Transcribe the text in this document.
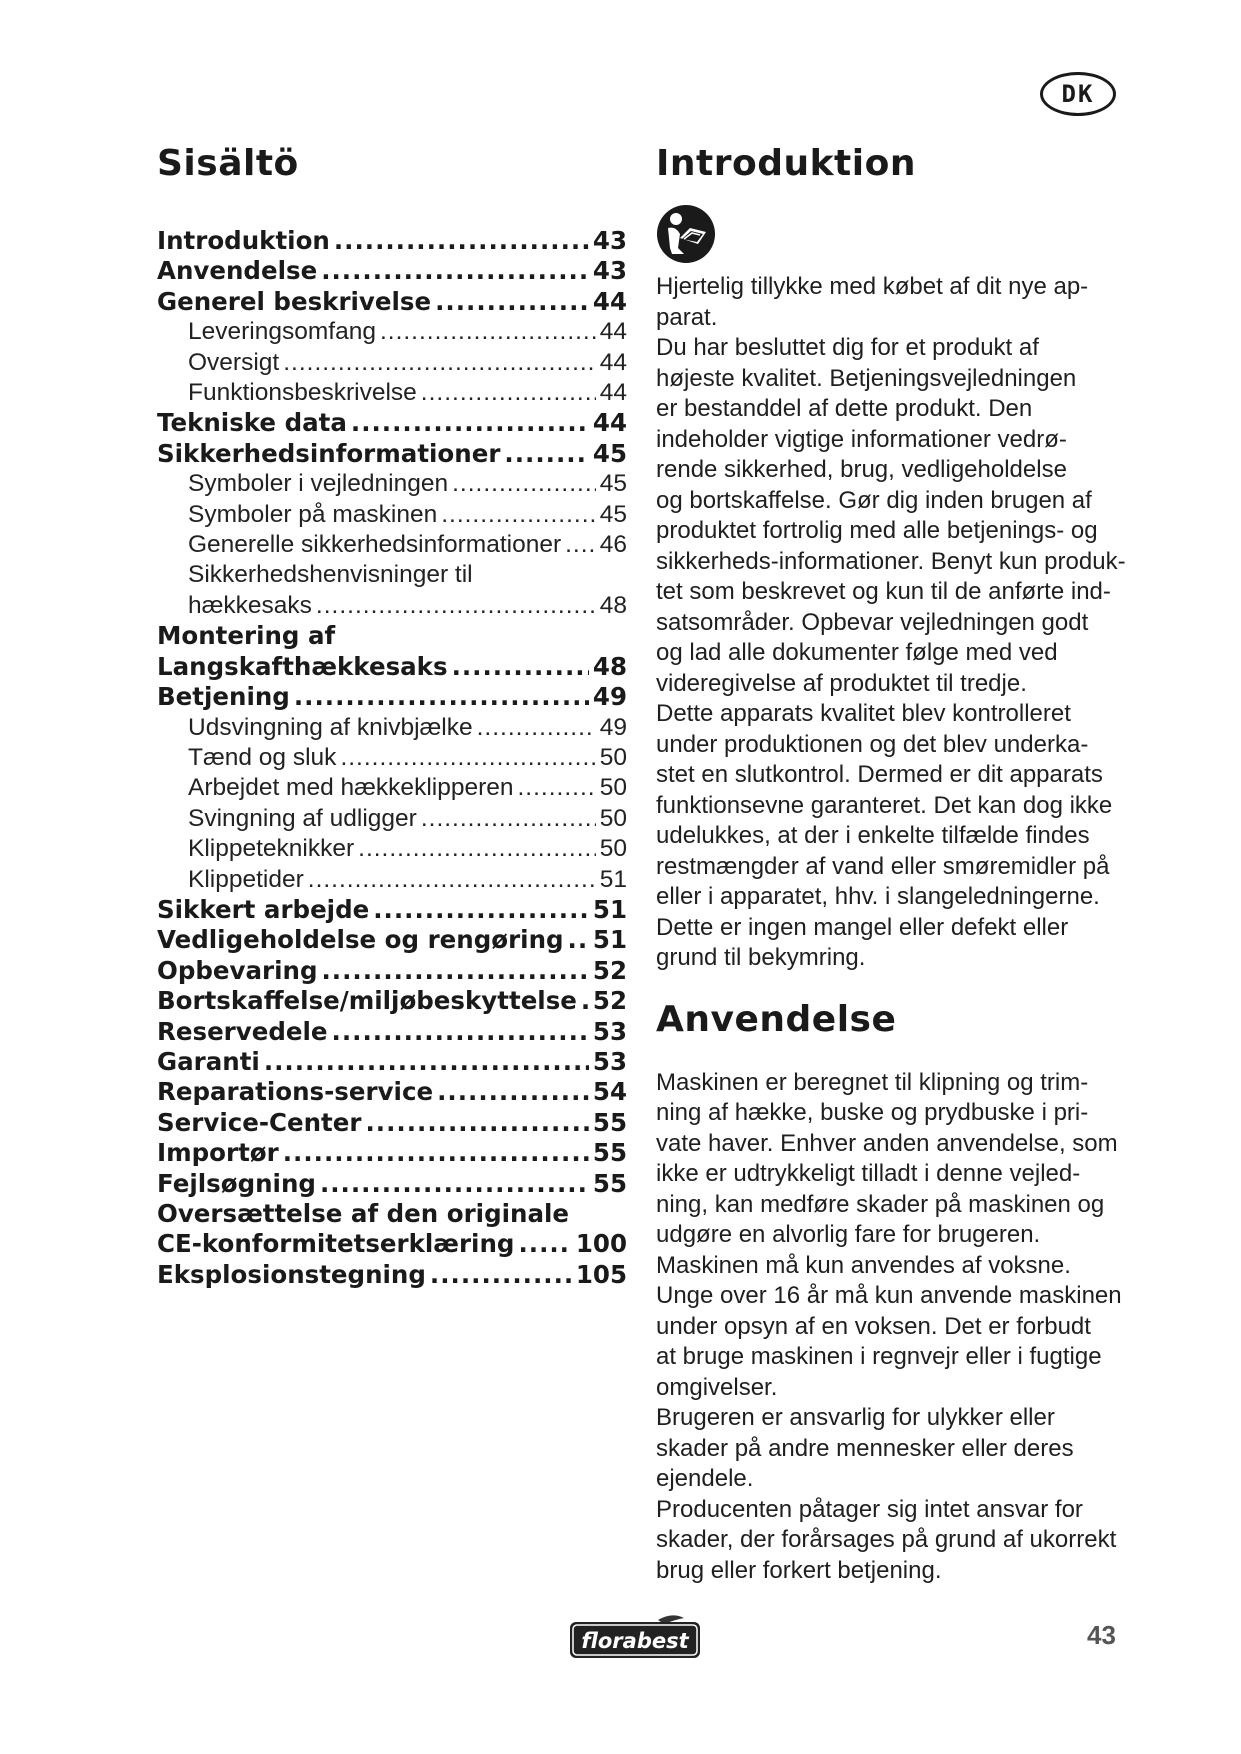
DK
Sisältö
Introduktion .....	43
Anvendelse .....	43
Generel beskrivelse .....	44
Leveringsomfang .....	44
Oversigt .....	44
Funktionsbeskrivelse .....	44
Tekniske data .....	44
Sikkerhedsinformationer .....	45
Symboler i vejledningen .....	45
Symboler på maskinen .....	45
Generelle sikkerhedsinformationer ..... 46
Sikkerhedshenvisninger til
hækkesaks .....	48
Montering af
Langskafthækkesaks .....	48
Betjening .....	49
Udsvingning af knivbjælke .....	49
Tænd og sluk .....	50
Arbejdet med hækkeklipperen .....	50
Svingning af udligger .....	50
Klippeteknikker .....	50
Klippetider .....	51
Sikkert arbejde .....	51
Vedligeholdelse og rengøring ..... 51
Opbevaring .....	52
Bortskaffelse/miljøbeskyttelse ..... 52
Reservedele .....	53
Garanti .....	53
Reparations-service .....	54
Service-Center .....	55
Importør .....	55
Fejlsøgning .....	55
Oversættelse af den originale
CE-konformitetserklæring .....	100
Eksplosionstegning .....	105
Introduktion

Hjertelig tillykke med købet af dit nye ap-

parat.

Du har besluttet dig for et produkt af

højeste kvalitet. Betjeningsvejledningen

er bestanddel af dette produkt. Den

indeholder vigtige informationer vedrø-

rende sikkerhed, brug, vedligeholdelse

og bortskaffelse. Gør dig inden brugen af

produktet fortrolig med alle betjenings- og

sikkerheds-informationer. Benyt kun produk-

tet som beskrevet og kun til de anførte ind-

satsområder. Opbevar vejledningen godt

og lad alle dokumenter følge med ved

videregivelse af produktet til tredje.

Dette apparats kvalitet blev kontrolleret

under produktionen og det blev underka-

stet en slutkontrol. Dermed er dit apparats

funktionsevne garanteret. Det kan dog ikke

udelukkes, at der i enkelte tilfælde findes

restmængder af vand eller smøremidler på

eller i apparatet, hhv. i slangeledningerne.

Dette er ingen mangel eller defekt eller

grund til bekymring.

Anvendelse

Maskinen er beregnet til klipning og trim-

ning af hække, buske og prydbuske i pri-

vate haver. Enhver anden anvendelse, som

ikke er udtrykkeligt tilladt i denne vejled-

ning, kan medføre skader på maskinen og

udgøre en alvorlig fare for brugeren.

Maskinen må kun anvendes af voksne.

Unge over 16 år må kun anvende maskinen

under opsyn af en voksen. Det er forbudt

at bruge maskinen i regnvejr eller i fugtige

omgivelser.

Brugeren er ansvarlig for ulykker eller

skader på andre mennesker eller deres

ejendele.

Producenten påtager sig intet ansvar for

skader, der forårsages på grund af ukorrekt

brug eller forkert betjening.

florabest	43
